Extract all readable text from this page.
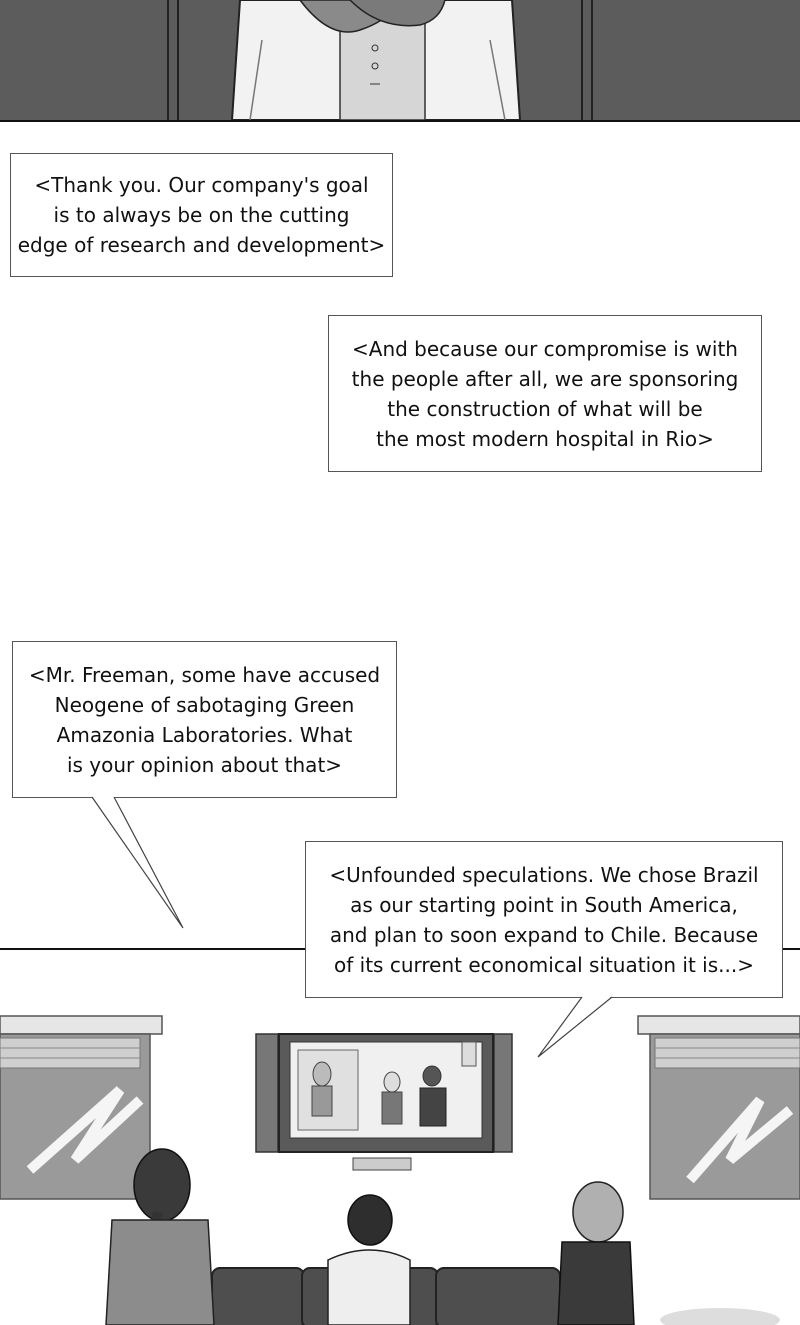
<Thank you. Our company's goal
is to always be on the cutting
edge of research and development>
<And because our compromise is with
the people after all, we are sponsoring
the construction of what will be
the most modern hospital in Rio>
<Mr. Freeman, some have accused
Neogene of sabotaging Green
Amazonia Laboratories. What
is your opinion about that>
<Unfounded speculations. We chose Brazil
as our starting point in South America,
and plan to soon expand to Chile. Because
of its current economical situation it is...>
